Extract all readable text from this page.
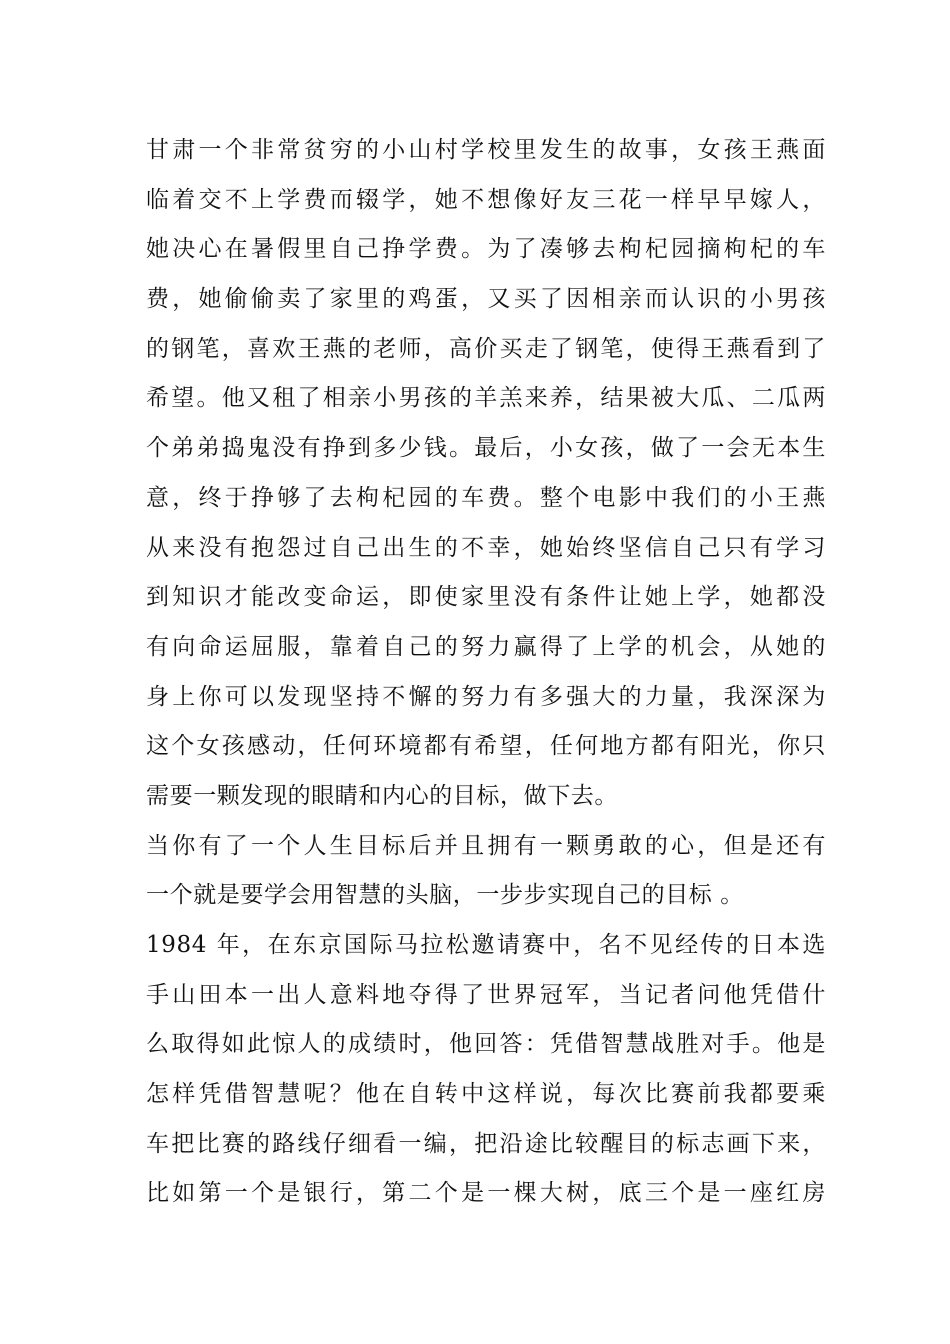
甘肃一个非常贫穷的小山村学校里发生的故事，女孩王燕面
临着交不上学费而辍学，她不想像好友三花一样早早嫁人，
她决心在暑假里自己挣学费。为了凑够去枸杞园摘枸杞的车
费，她偷偷卖了家里的鸡蛋，又买了因相亲而认识的小男孩
的钢笔，喜欢王燕的老师，高价买走了钢笔，使得王燕看到了
希望。他又租了相亲小男孩的羊羔来养，结果被大瓜、二瓜两
个弟弟捣鬼没有挣到多少钱。最后，小女孩，做了一会无本生
意，终于挣够了去枸杞园的车费。整个电影中我们的小王燕
从来没有抱怨过自己出生的不幸，她始终坚信自己只有学习
到知识才能改变命运，即使家里没有条件让她上学，她都没
有向命运屈服，靠着自己的努力赢得了上学的机会，从她的
身上你可以发现坚持不懈的努力有多强大的力量，我深深为
这个女孩感动，任何环境都有希望，任何地方都有阳光，你只
需要一颗发现的眼睛和内心的目标，做下去。
当你有了一个人生目标后并且拥有一颗勇敢的心，但是还有
一个就是要学会用智慧的头脑，一步步实现自己的目标 。
1984 年，在东京国际马拉松邀请赛中，名不见经传的日本选
手山田本一出人意料地夺得了世界冠军，当记者问他凭借什
么取得如此惊人的成绩时，他回答：凭借智慧战胜对手。他是
怎样凭借智慧呢？他在自转中这样说，每次比赛前我都要乘
车把比赛的路线仔细看一编，把沿途比较醒目的标志画下来，
比如第一个是银行，第二个是一棵大树，底三个是一座红房
